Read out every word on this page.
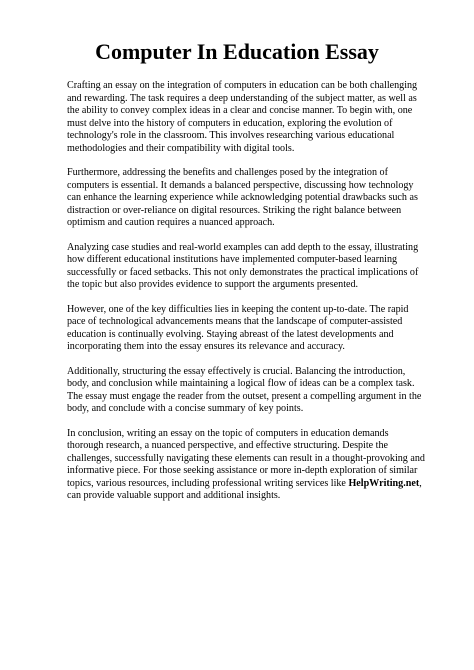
Computer In Education Essay

Crafting an essay on the integration of computers in education can be both challenging and rewarding. The task requires a deep understanding of the subject matter, as well as the ability to convey complex ideas in a clear and concise manner. To begin with, one must delve into the history of computers in education, exploring the evolution of technology's role in the classroom. This involves researching various educational methodologies and their compatibility with digital tools.

Furthermore, addressing the benefits and challenges posed by the integration of computers is essential. It demands a balanced perspective, discussing how technology can enhance the learning experience while acknowledging potential drawbacks such as distraction or over-reliance on digital resources. Striking the right balance between optimism and caution requires a nuanced approach.

Analyzing case studies and real-world examples can add depth to the essay, illustrating how different educational institutions have implemented computer-based learning successfully or faced setbacks. This not only demonstrates the practical implications of the topic but also provides evidence to support the arguments presented.

However, one of the key difficulties lies in keeping the content up-to-date. The rapid pace of technological advancements means that the landscape of computer-assisted education is continually evolving. Staying abreast of the latest developments and incorporating them into the essay ensures its relevance and accuracy.

Additionally, structuring the essay effectively is crucial. Balancing the introduction, body, and conclusion while maintaining a logical flow of ideas can be a complex task. The essay must engage the reader from the outset, present a compelling argument in the body, and conclude with a concise summary of key points.

In conclusion, writing an essay on the topic of computers in education demands thorough research, a nuanced perspective, and effective structuring. Despite the challenges, successfully navigating these elements can result in a thought-provoking and informative piece. For those seeking assistance or more in-depth exploration of similar topics, various resources, including professional writing services like HelpWriting.net, can provide valuable support and additional insights.
